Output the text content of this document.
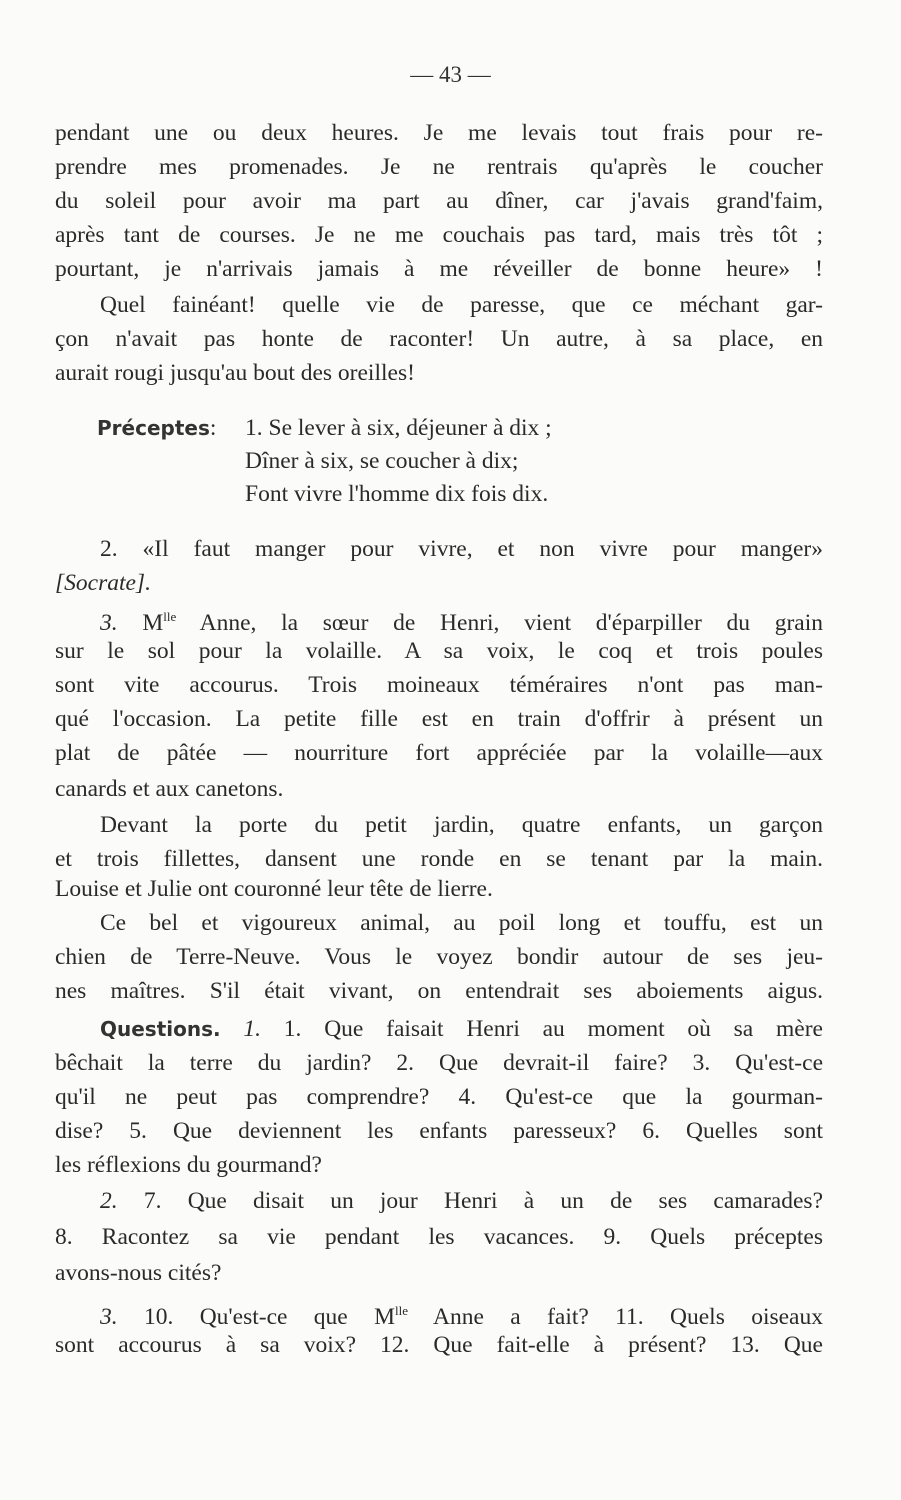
— 43 —
pendant une ou deux heures. Je me levais tout frais pour re-
prendre mes promenades. Je ne rentrais qu'après le coucher
du soleil pour avoir ma part au dîner, car j'avais grand'faim,
après tant de courses. Je ne me couchais pas tard, mais très tôt ;
pourtant, je n'arrivais jamais à me réveiller de bonne heure» !
Quel fainéant! quelle vie de paresse, que ce méchant gar-
çon n'avait pas honte de raconter! Un autre, à sa place, en
aurait rougi jusqu'au bout des oreilles!
Préceptes: 1. Se lever à six, déjeuner à dix ;
Dîner à six, se coucher à dix;
Font vivre l'homme dix fois dix.
2. «Il faut manger pour vivre, et non vivre pour manger»
[Socrate].
3. $M^{lle}$ Anne, la sœur de Henri, vient d'éparpiller du grain
sur le sol pour la volaille. A sa voix, le coq et trois poules
sont vite accourus. Trois moineaux téméraires n'ont pas man-
qué l'occasion. La petite fille est en train d'offrir à présent un
plat de pâtée — nourriture fort appréciée par la volaille—aux
canards et aux canetons.
Devant la porte du petit jardin, quatre enfants, un garçon
et trois fillettes, dansent une ronde en se tenant par la main.
Louise et Julie ont couronné leur tête de lierre.
Ce bel et vigoureux animal, au poil long et touffu, est un
chien de Terre-Neuve. Vous le voyez bondir autour de ses jeu-
nes maîtres. S'il était vivant, on entendrait ses aboiements aigus.
Questions. 1. 1. Que faisait Henri au moment où sa mère
bêchait la terre du jardin? 2. Que devrait-il faire? 3. Qu'est-ce
qu'il ne peut pas comprendre? 4. Qu'est-ce que la gourman-
dise? 5. Que deviennent les enfants paresseux? 6. Quelles sont
les réflexions du gourmand?
2. 7. Que disait un jour Henri à un de ses camarades?
8. Racontez sa vie pendant les vacances. 9. Quels préceptes
avons-nous cités?
3. 10. Qu'est-ce que $M^{lle}$ Anne a fait? 11. Quels oiseaux
sont accourus à sa voix? 12. Que fait-elle à présent? 13. Que
